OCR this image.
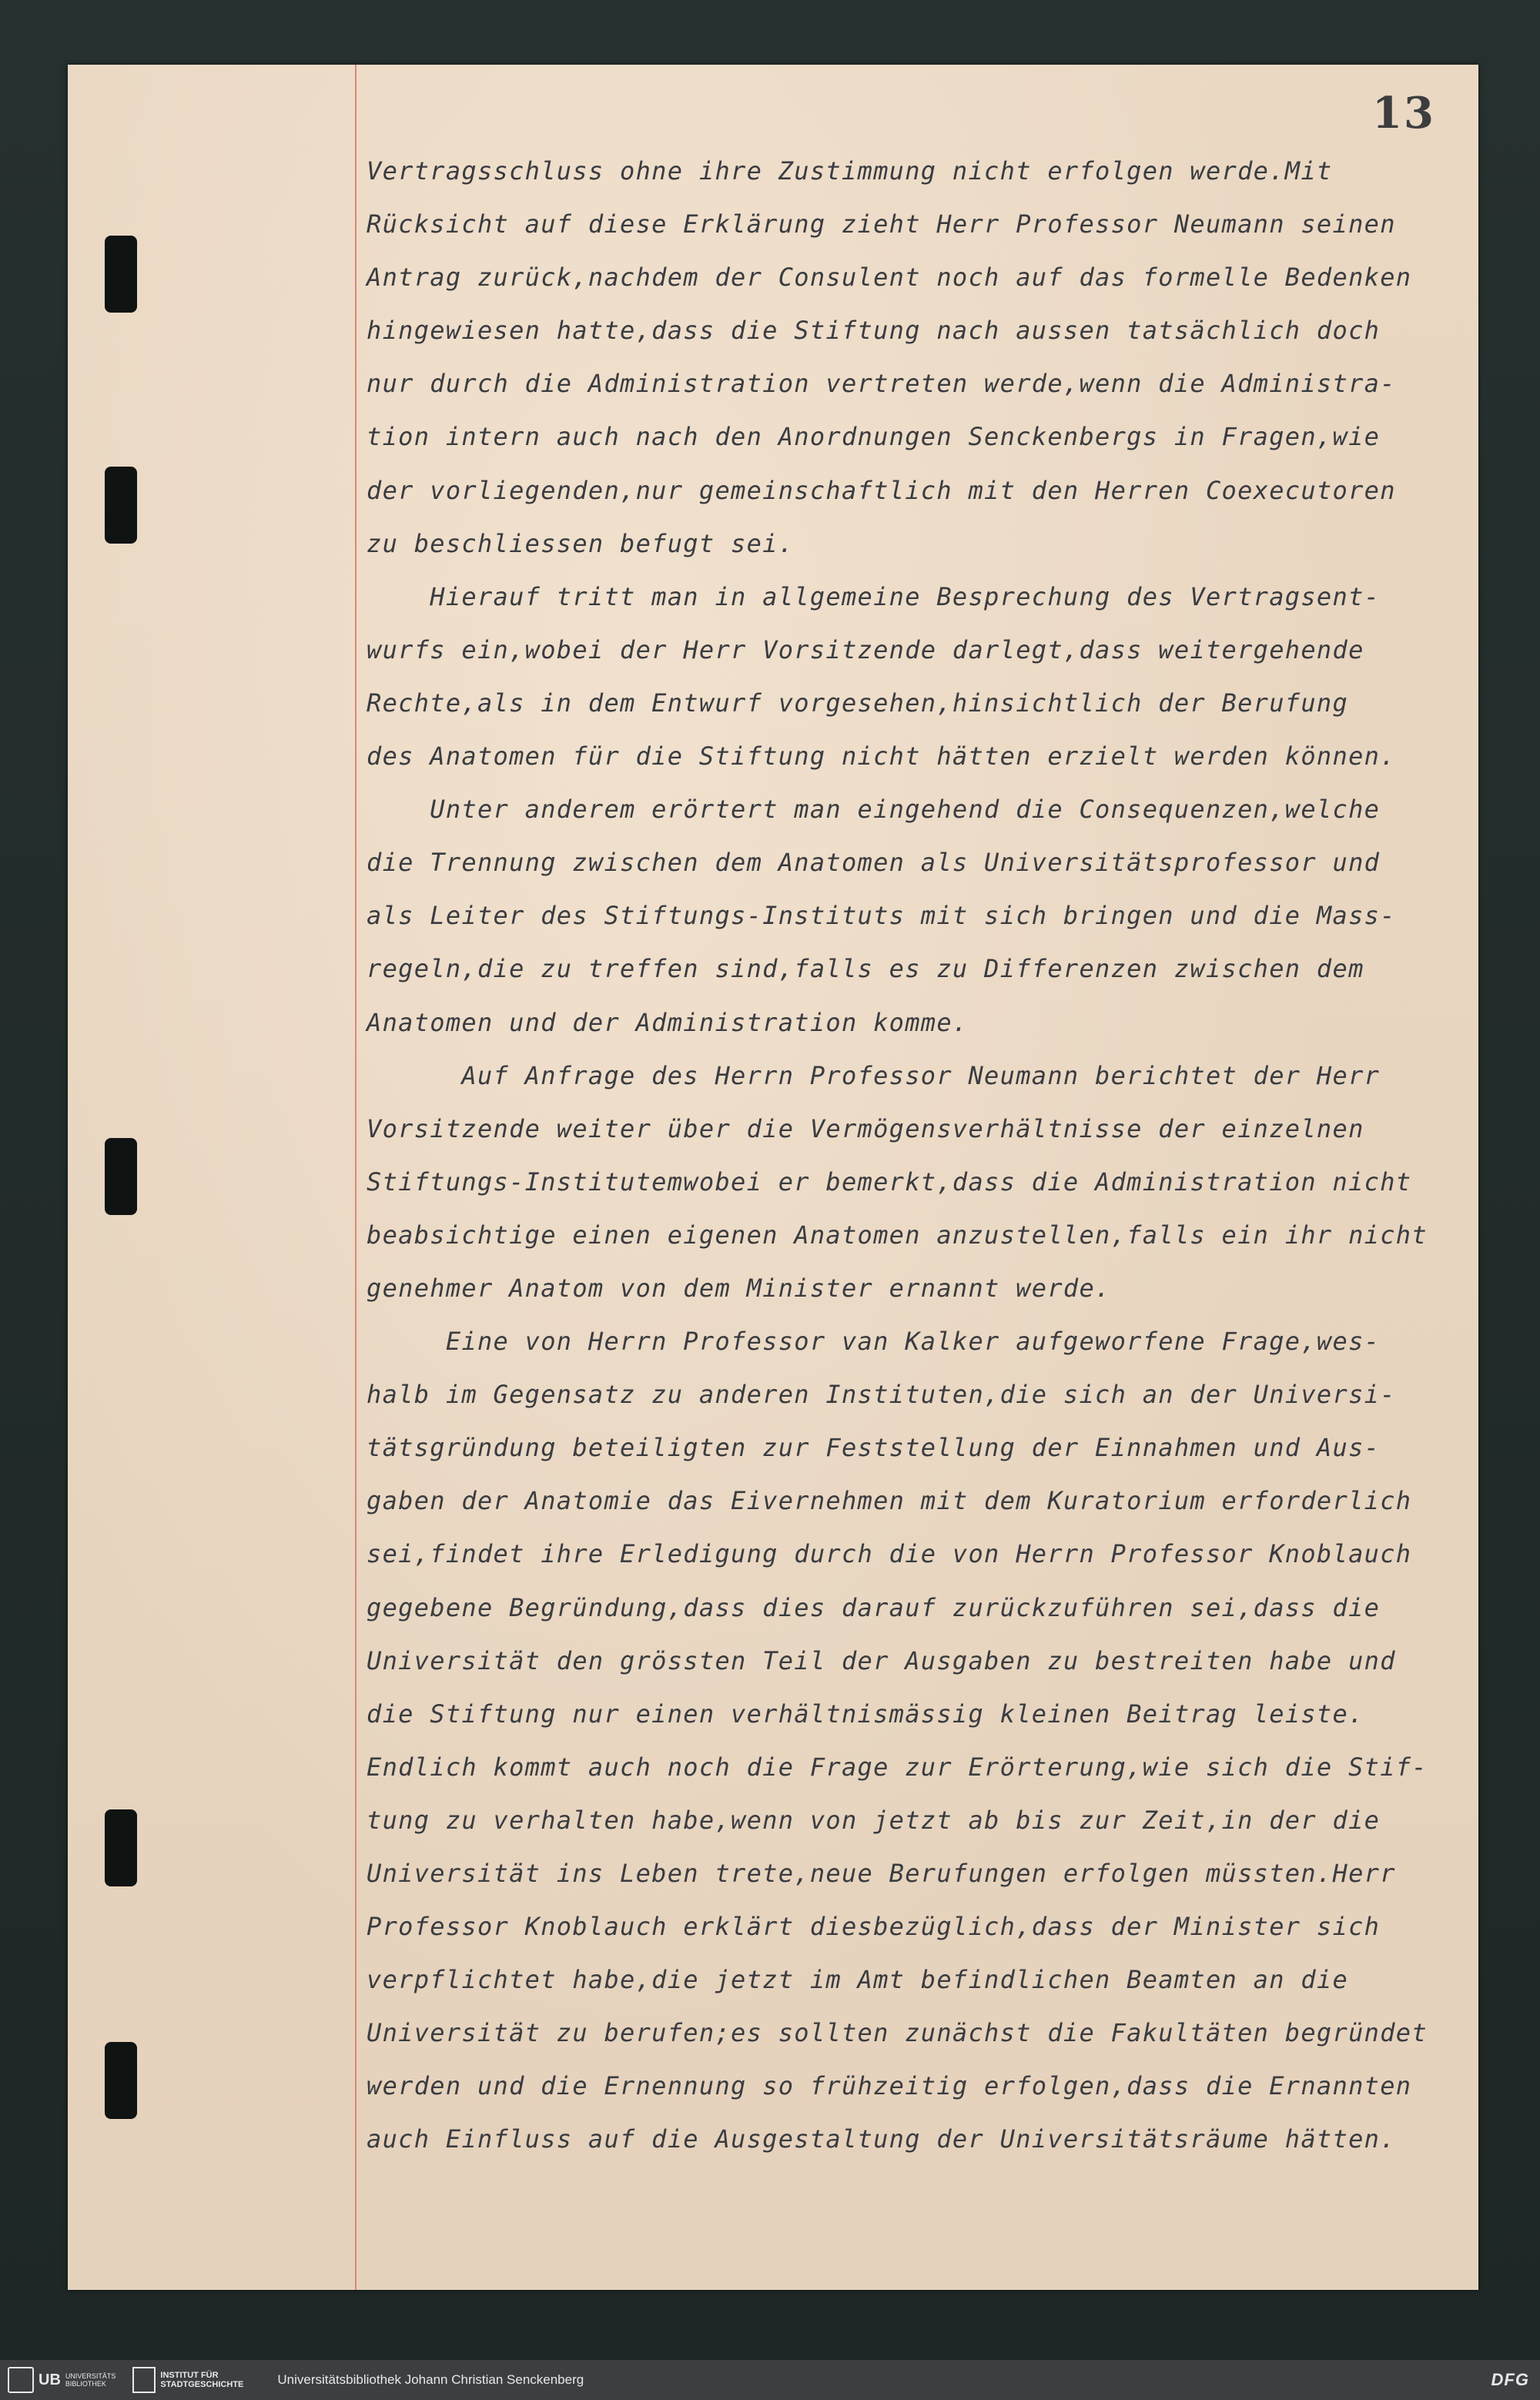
13
Vertragsschluss ohne ihre Zustimmung nicht erfolgen werde.Mit
Rücksicht auf diese Erklärung zieht Herr Professor Neumann seinen
Antrag zurück,nachdem der Consulent noch auf das formelle Bedenken
hingewiesen hatte,dass die Stiftung nach aussen tatsächlich doch
nur durch die Administration vertreten werde,wenn die Administra-
tion intern auch nach den Anordnungen Senckenbergs in Fragen,wie
der vorliegenden,nur gemeinschaftlich mit den Herren Coexecutoren
zu beschliessen befugt sei.
Hierauf tritt man in allgemeine Besprechung des Vertragsent-
wurfs ein,wobei der Herr Vorsitzende darlegt,dass weitergehende
Rechte,als in dem Entwurf vorgesehen,hinsichtlich der Berufung
des Anatomen für die Stiftung nicht hätten erzielt werden können.
Unter anderem erörtert man eingehend die Consequenzen,welche
die Trennung zwischen dem Anatomen als Universitätsprofessor und
als Leiter des Stiftungs-Instituts mit sich bringen und die Mass-
regeln,die zu treffen sind,falls es zu Differenzen zwischen dem
Anatomen und der Administration komme.
Auf Anfrage des Herrn Professor Neumann berichtet der Herr
Vorsitzende weiter über die Vermögensverhältnisse der einzelnen
Stiftungs-Institutemwobei er bemerkt,dass die Administration nicht
beabsichtige einen eigenen Anatomen anzustellen,falls ein ihr nicht
genehmer Anatom von dem Minister ernannt werde.
Eine von Herrn Professor van Kalker aufgeworfene Frage,wes-
halb im Gegensatz zu anderen Instituten,die sich an der Universi-
tätsgründung beteiligten zur Feststellung der Einnahmen und Aus-
gaben der Anatomie das Eivernehmen mit dem Kuratorium erforderlich
sei,findet ihre Erledigung durch die von Herrn Professor Knoblauch
gegebene Begründung,dass dies darauf zurückzuführen sei,dass die
Universität den grössten Teil der Ausgaben zu bestreiten habe und
die Stiftung nur einen verhältnismässig kleinen Beitrag leiste.
Endlich kommt auch noch die Frage zur Erörterung,wie sich die Stif-
tung zu verhalten habe,wenn von jetzt ab bis zur Zeit,in der die
Universität ins Leben trete,neue Berufungen erfolgen müssten.Herr
Professor Knoblauch erklärt diesbezüglich,dass der Minister sich
verpflichtet habe,die jetzt im Amt befindlichen Beamten an die
Universität zu berufen;es sollten zunächst die Fakultäten begründet
werden und die Ernennung so frühzeitig erfolgen,dass die Ernannten
auch Einfluss auf die Ausgestaltung der Universitätsräume hätten.
UB UNIVERSITÄTS
BIBLIOTHEK
INSTITUT FÜR
STADTGESCHICHTE	Universitätsbibliothek Johann Christian Senckenberg	DFG
